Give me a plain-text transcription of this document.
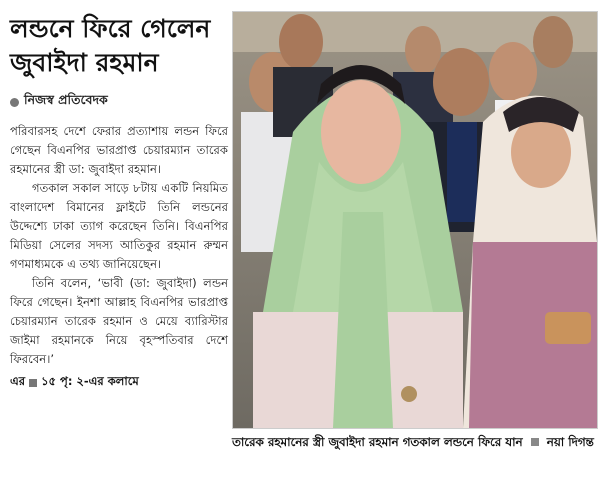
লন্ডনে ফিরে গেলেন
জুবাইদা রহমান
নিজস্ব প্রতিবেদক

পরিবারসহ দেশে ফেরার প্রত্যাশায় লন্ডন ফিরে গেছেন বিএনপির ভারপ্রাপ্ত চেয়ারম্যান তারেক রহমানের স্ত্রী ডা: জুবাইদা রহমান।

গতকাল সকাল সাড়ে ৮টায় একটি নিয়মিত বাংলাদেশ বিমানের ফ্লাইটে তিনি লন্ডনের উদ্দেশ্যে ঢাকা ত্যাগ করেছেন তিনি। বিএনপির মিডিয়া সেলের সদস্য আতিকুর রহমান রুম্মন গণমাধ্যমকে এ তথ্য জানিয়েছেন।

তিনি বলেন, ‘ভাবী (ডা: জুবাইদা) লন্ডন ফিরে গেছেন। ইনশা আল্লাহ বিএনপির ভারপ্রাপ্ত চেয়ারম্যান তারেক রহমান ও মেয়ে ব্যারিস্টার জাইমা রহমানকে নিয়ে বৃহস্পতিবার দেশে ফিরবেন।’

এর ১৫ পৃ: ২-এর কলামে
তারেক রহমানের স্ত্রী জুবাইদা রহমান গতকাল লন্ডনে ফিরে যান নয়া দিগন্ত
